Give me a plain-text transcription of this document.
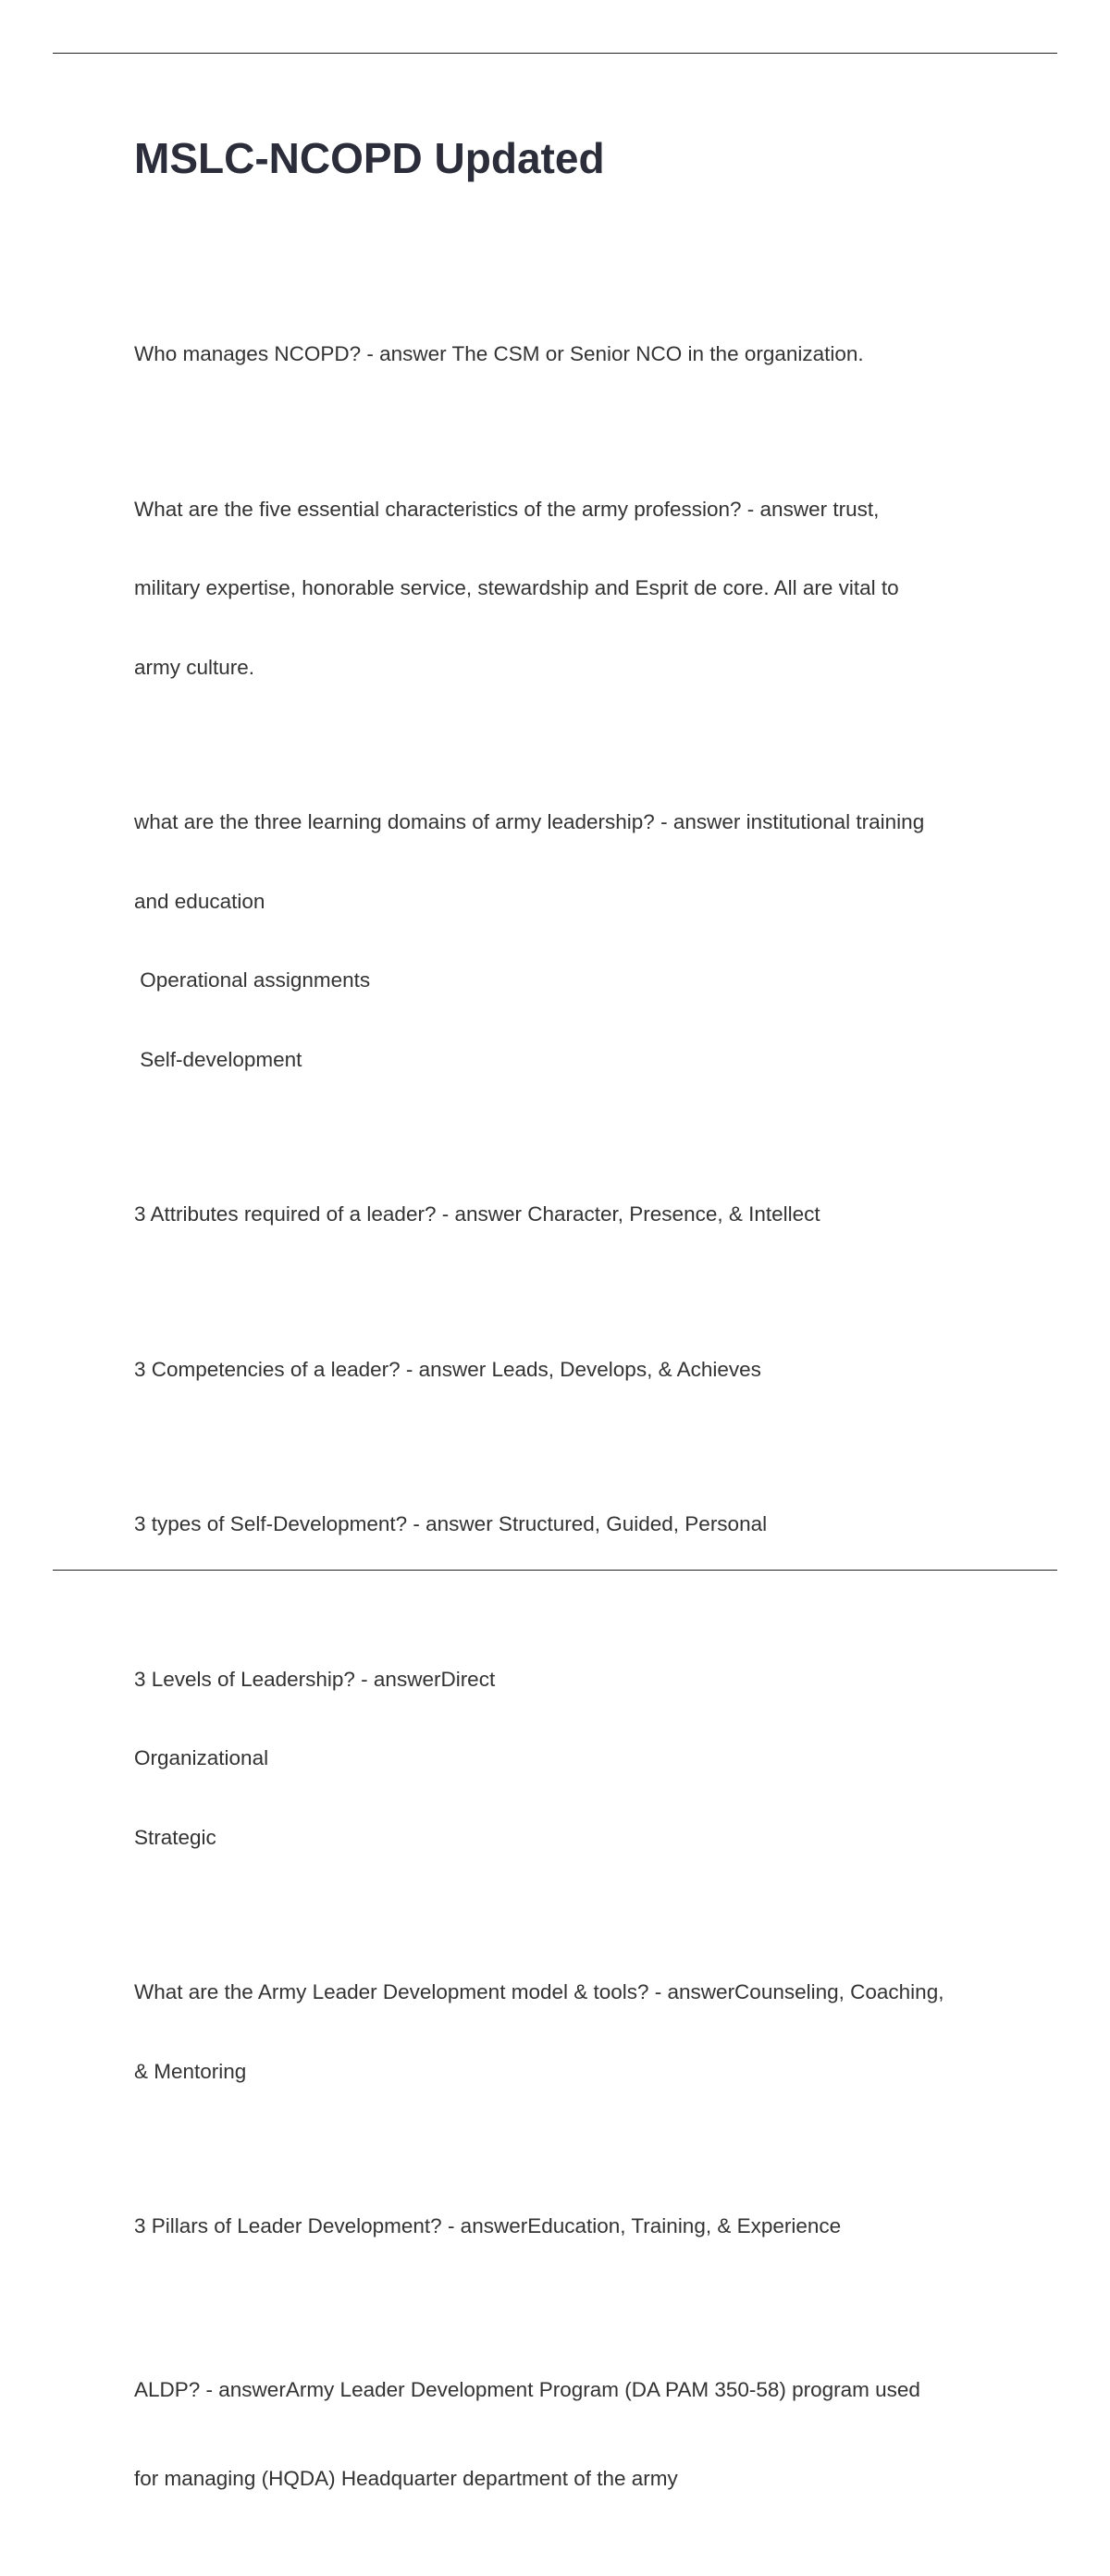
MSLC-NCOPD Updated

Who manages NCOPD? - answer The CSM or Senior NCO in the organization.

What are the five essential characteristics of the army profession? - answer trust,

military expertise, honorable service, stewardship and Esprit de core. All are vital to

army culture.

what are the three learning domains of army leadership? - answer institutional training

and education

Operational assignments

Self-development

3 Attributes required of a leader? - answer Character, Presence, & Intellect

3 Competencies of a leader? - answer Leads, Develops, & Achieves

3 types of Self-Development? - answer Structured, Guided, Personal

3 Levels of Leadership? - answerDirect

Organizational

Strategic

What are the Army Leader Development model & tools? - answerCounseling, Coaching,

& Mentoring

3 Pillars of Leader Development? - answerEducation, Training, & Experience

ALDP? - answerArmy Leader Development Program (DA PAM 350-58) program used

for managing (HQDA) Headquarter department of the army
